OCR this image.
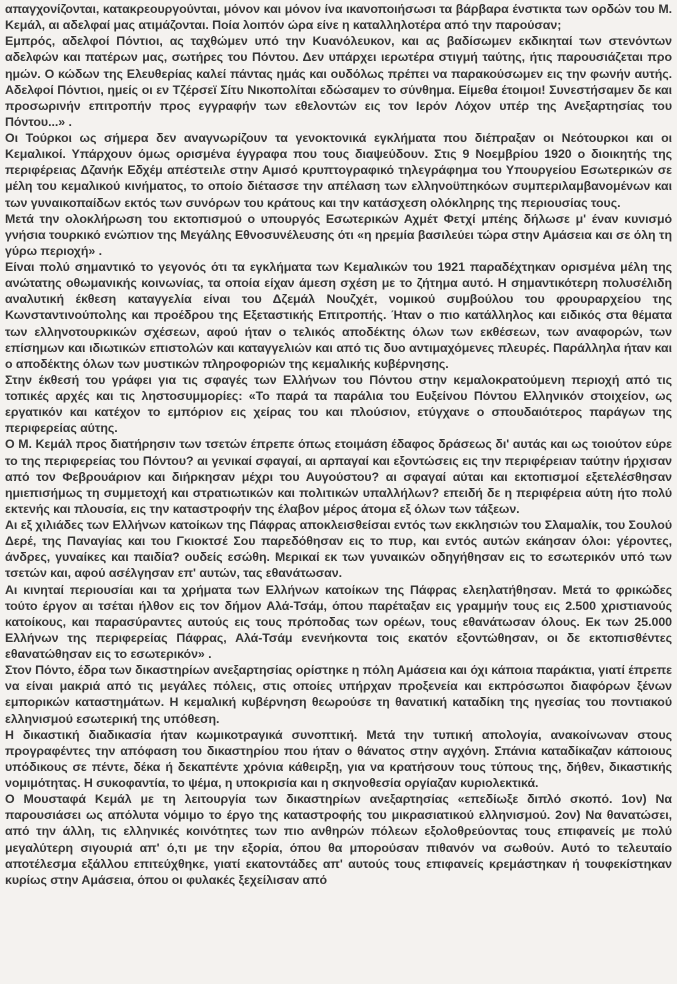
απαγχονίζονται, κατακρεουργούνται, μόνον και μόνον ίνα ικανοποιήσωσι τα βάρβαρα ένστικτα των ορδών του Μ. Κεμάλ, αι αδελφαί μας ατιμάζονται. Ποία λοιπόν ώρα είνε η καταλληλοτέρα από την παρούσαν;

Εμπρός, αδελφοί Πόντιοι, ας ταχθώμεν υπό την Κυανόλευκον, και ας βαδίσωμεν εκδικηταί των στενόντων αδελφών και πατέρων μας, σωτήρες του Πόντου. Δεν υπάρχει ιερωτέρα στιγμή ταύτης, ήτις παρουσιάζεται προ ημών. Ο κώδων της Ελευθερίας καλεί πάντας ημάς και ουδόλως πρέπει να παρακούσωμεν εις την φωνήν αυτής. Αδελφοί Πόντιοι, ημείς οι εν Τζέρσεϊ Σίτυ Νικοπολίται εδώσαμεν το σύνθημα. Είμεθα έτοιμοι! Συνεστήσαμεν δε και προσωρινήν επιτροπήν προς εγγραφήν των εθελοντών εις τον Ιερόν Λόχον υπέρ της Ανεξαρτησίας του Πόντου...» .

Οι Τούρκοι ως σήμερα δεν αναγνωρίζουν τα γενοκτονικά εγκλήματα που διέπραξαν οι Νεότουρκοι και οι Κεμαλικοί. Υπάρχουν όμως ορισμένα έγγραφα που τους διαψεύδουν. Στις 9 Νοεμβρίου 1920 ο διοικητής της περιφέρειας Δζανήκ Εδχέμ απέστειλε στην Αμισό κρυπτογραφικό τηλεγράφημα του Υπουργείου Εσωτερικών σε μέλη του κεμαλικού κινήματος, το οποίο διέτασσε την απέλαση των ελληνοϋπηκόων συμπεριλαμβανομένων και των γυναικοπαίδων εκτός των συνόρων του κράτους και την κατάσχεση ολόκληρης της περιουσίας τους.

Μετά την ολοκλήρωση του εκτοπισμού ο υπουργός Εσωτερικών Αχμέτ Φετχί μπέης δήλωσε μ' έναν κυνισμό γνήσια τουρκικό ενώπιον της Μεγάλης Εθνοσυνέλευσης ότι «η ηρεμία βασιλεύει τώρα στην Αμάσεια και σε όλη τη γύρω περιοχή» .

Είναι πολύ σημαντικό το γεγονός ότι τα εγκλήματα των Κεμαλικών του 1921 παραδέχτηκαν ορισμένα μέλη της ανώτατης οθωμανικής κοινωνίας, τα οποία είχαν άμεση σχέση με το ζήτημα αυτό. Η σημαντικότερη πολυσέλιδη αναλυτική έκθεση καταγγελία είναι του Δζεμάλ Νουζχέτ, νομικού συμβούλου του φρουραρχείου της Κωνσταντινούπολης και προέδρου της Εξεταστικής Επιτροπής. Ήταν ο πιο κατάλληλος και ειδικός στα θέματα των ελληνοτουρκικών σχέσεων, αφού ήταν ο τελικός αποδέκτης όλων των εκθέσεων, των αναφορών, των επίσημων και ιδιωτικών επιστολών και καταγγελιών και από τις δυο αντιμαχόμενες πλευρές. Παράλληλα ήταν και ο αποδέκτης όλων των μυστικών πληροφοριών της κεμαλικής κυβέρνησης.

Στην έκθεσή του γράφει για τις σφαγές των Ελλήνων του Πόντου στην κεμαλοκρατούμενη περιοχή από τις τοπικές αρχές και τις ληστοσυμμορίες: «Το παρά τα παράλια του Ευξείνου Πόντου Ελληνικόν στοιχείον, ως εργατικόν και κατέχον το εμπόριον εις χείρας του και πλούσιον, ετύγχανε ο σπουδαιότερος παράγων της περιφερείας αύτης.

Ο Μ. Κεμάλ προς διατήρησιν των τσετών έπρεπε όπως ετοιμάση έδαφος δράσεως δι' αυτάς και ως τοιούτον εύρε το της περιφερείας του Πόντου? αι γενικαί σφαγαί, αι αρπαγαί και εξοντώσεις εις την περιφέρειαν ταύτην ήρχισαν από τον Φεβρουάριον και διήρκησαν μέχρι του Αυγούστου? αι σφαγαί αύται και εκτοπισμοί εξετελέσθησαν ημιεπισήμως τη συμμετοχή και στρατιωτικών και πολιτικών υπαλλήλων? επειδή δε η περιφέρεια αύτη ήτο πολύ εκτενής και πλουσία, εις την καταστροφήν της έλαβον μέρος άτομα εξ όλων των τάξεων.

Αι εξ χιλιάδες των Ελλήνων κατοίκων της Πάφρας αποκλεισθείσαι εντός των εκκλησιών του Σλαμαλίκ, του Σουλού Δερέ, της Παναγίας και του Γκιοκτσέ Σου παρεδόθησαν εις το πυρ, και εντός αυτών εκάησαν όλοι: γέροντες, άνδρες, γυναίκες και παιδία? ουδείς εσώθη. Μερικαί εκ των γυναικών οδηγήθησαν εις το εσωτερικόν υπό των τσετών και, αφού ασέλγησαν επ' αυτών, τας εθανάτωσαν.

Αι κινηταί περιουσίαι και τα χρήματα των Ελλήνων κατοίκων της Πάφρας ελεηλατήθησαν. Μετά το φρικώδες τούτο έργον αι τσέται ήλθον εις τον δήμον Αλά-Τσάμ, όπου παρέταξαν εις γραμμήν τους εις 2.500 χριστιανούς κατοίκους, και παρασύραντες αυτούς εις τους πρόποδας των ορέων, τους εθανάτωσαν όλους. Εκ των 25.000 Ελλήνων της περιφερείας Πάφρας, Αλά-Τσάμ ενενήκοντα τοις εκατόν εξοντώθησαν, οι δε εκτοπισθέντες εθανατώθησαν εις το εσωτερικόν» .

Στον Πόντο, έδρα των δικαστηρίων ανεξαρτησίας ορίστηκε η πόλη Αμάσεια και όχι κάποια παράκτια, γιατί έπρεπε να είναι μακριά από τις μεγάλες πόλεις, στις οποίες υπήρχαν προξενεία και εκπρόσωποι διαφόρων ξένων εμπορικών καταστημάτων. Η κεμαλική κυβέρνηση θεωρούσε τη θανατική καταδίκη της ηγεσίας του ποντιακού ελληνισμού εσωτερική της υπόθεση.

Η δικαστική διαδικασία ήταν κωμικοτραγικά συνοπτική. Μετά την τυπική απολογία, ανακοίνωναν στους προγραφέντες την απόφαση του δικαστηρίου που ήταν ο θάνατος στην αγχόνη. Σπάνια καταδίκαζαν κάποιους υπόδικους σε πέντε, δέκα ή δεκαπέντε χρόνια κάθειρξη, για να κρατήσουν τους τύπους της, δήθεν, δικαστικής νομιμότητας. Η συκοφαντία, το ψέμα, η υποκρισία και η σκηνοθεσία οργίαζαν κυριολεκτικά.

Ο Μουσταφά Κεμάλ με τη λειτουργία των δικαστηρίων ανεξαρτησίας «επεδίωξε διπλό σκοπό. 1ον) Να παρουσιάσει ως απόλυτα νόμιμο το έργο της καταστροφής του μικρασιατικού ελληνισμού. 2ον) Να θανατώσει, από την άλλη, τις ελληνικές κοινότητες των πιο ανθηρών πόλεων εξολοθρεύοντας τους επιφανείς με πολύ μεγαλύτερη σιγουριά απ' ό,τι με την εξορία, όπου θα μπορούσαν πιθανόν να σωθούν. Αυτό το τελευταίο αποτέλεσμα εξάλλου επιτεύχθηκε, γιατί εκατοντάδες απ' αυτούς τους επιφανείς κρεμάστηκαν ή τουφεκίστηκαν κυρίως στην Αμάσεια, όπου οι φυλακές ξεχείλισαν από
